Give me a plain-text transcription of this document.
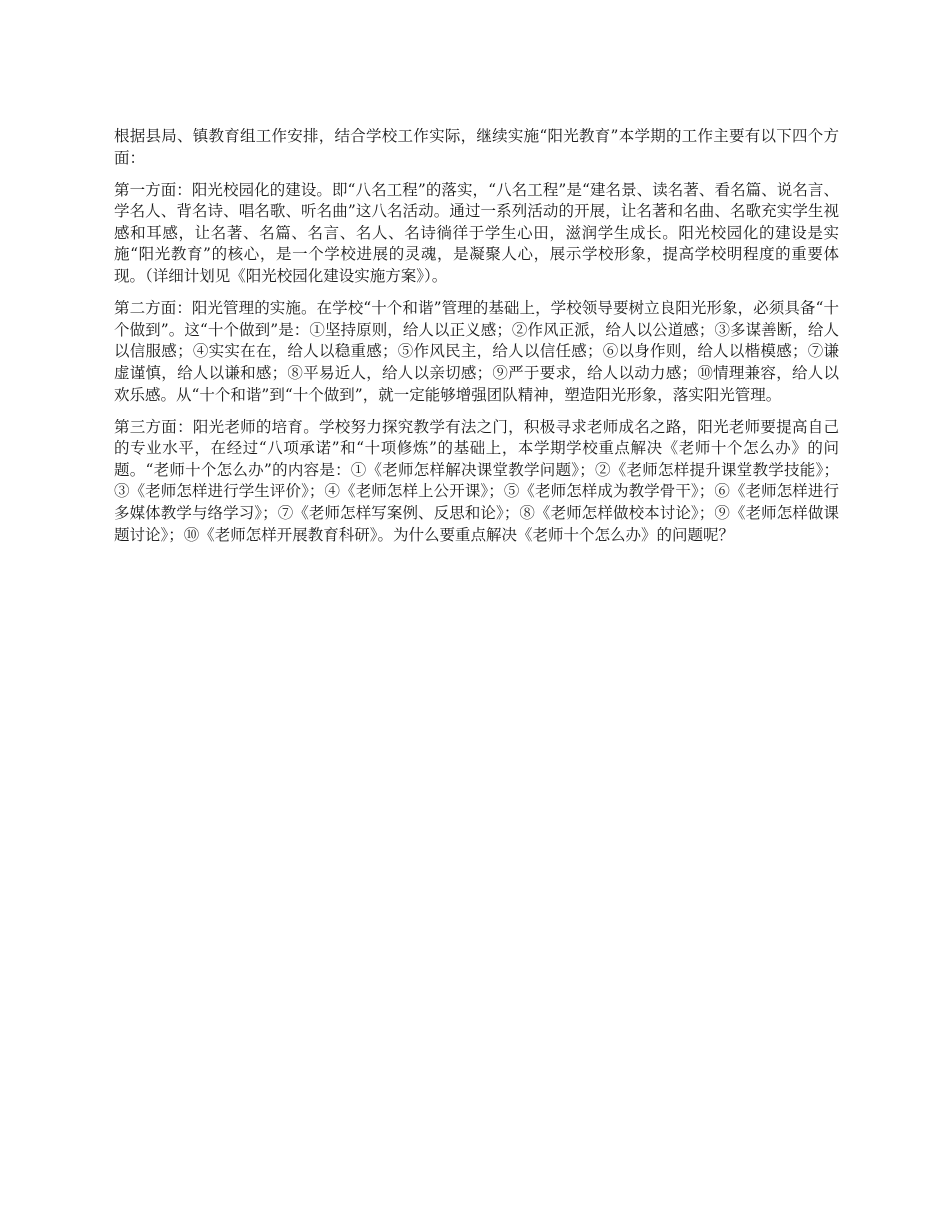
根据县局、镇教育组工作安排，结合学校工作实际，继续实施“阳光教育”本学期的工作主要有以下四个方面：

第一方面：阳光校园化的建设。即“八名工程”的落实，“八名工程”是“建名景、读名著、看名篇、说名言、学名人、背名诗、唱名歌、听名曲”这八名活动。通过一系列活动的开展，让名著和名曲、名歌充实学生视感和耳感，让名著、名篇、名言、名人、名诗徜徉于学生心田，滋润学生成长。阳光校园化的建设是实施“阳光教育”的核心，是一个学校进展的灵魂，是凝聚人心，展示学校形象，提高学校明程度的重要体现。（详细计划见《阳光校园化建设实施方案》）。

第二方面：阳光管理的实施。在学校“十个和谐”管理的基础上，学校领导要树立良阳光形象，必须具备“十个做到”。这“十个做到”是：①坚持原则，给人以正义感；②作风正派，给人以公道感；③多谋善断，给人以信服感；④实实在在，给人以稳重感；⑤作风民主，给人以信任感；⑥以身作则，给人以楷模感；⑦谦虚谨慎，给人以谦和感；⑧平易近人，给人以亲切感；⑨严于要求，给人以动力感；⑩情理兼容，给人以欢乐感。从“十个和谐”到“十个做到”，就一定能够增强团队精神，塑造阳光形象，落实阳光管理。

第三方面：阳光老师的培育。学校努力探究教学有法之门，积极寻求老师成名之路，阳光老师要提高自己的专业水平，在经过“八项承诺”和“十项修炼”的基础上，本学期学校重点解决《老师十个怎么办》的问题。“老师十个怎么办”的内容是：①《老师怎样解决课堂教学问题》；②《老师怎样提升课堂教学技能》；③《老师怎样进行学生评价》；④《老师怎样上公开课》；⑤《老师怎样成为教学骨干》；⑥《老师怎样进行多媒体教学与络学习》；⑦《老师怎样写案例、反思和论》；⑧《老师怎样做校本讨论》；⑨《老师怎样做课题讨论》；⑩《老师怎样开展教育科研》。为什么要重点解决《老师十个怎么办》的问题呢？
